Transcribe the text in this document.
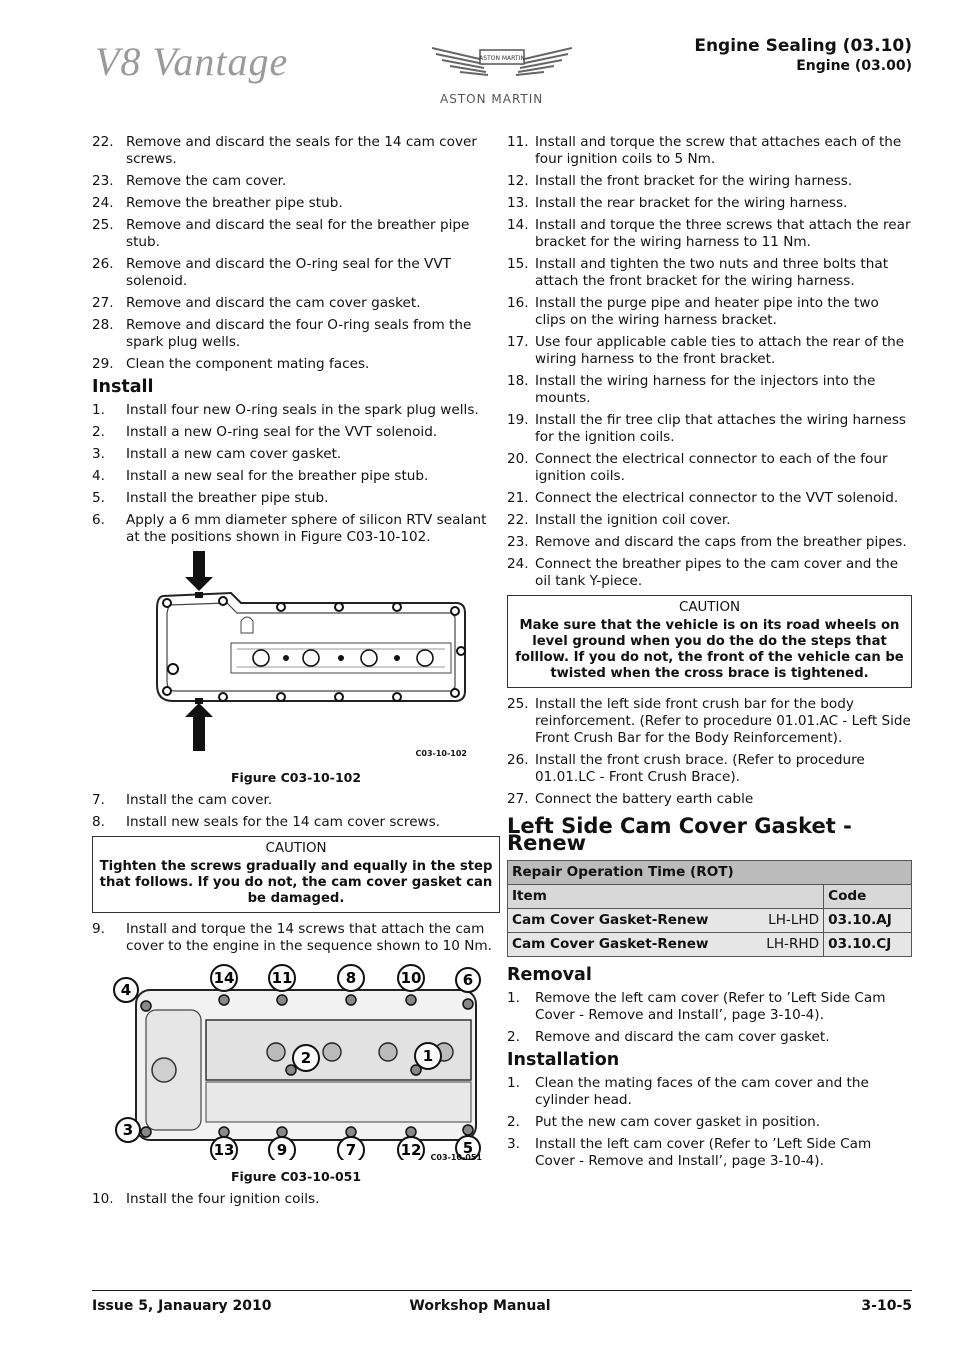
V8 Vantage	ASTON MARTIN
ASTON MARTIN
Engine Sealing (03.10)
Engine (03.00)
22. Remove and discard the seals for the 14 cam cover screws.
23. Remove the cam cover.
24. Remove the breather pipe stub.
25. Remove and discard the seal for the breather pipe stub.
26. Remove and discard the O-ring seal for the VVT solenoid.
27. Remove and discard the cam cover gasket.
28. Remove and discard the four O-ring seals from the spark plug wells.
29. Clean the component mating faces.
Install
1. Install four new O-ring seals in the spark plug wells.
2. Install a new O-ring seal for the VVT solenoid.
3. Install a new cam cover gasket.
4. Install a new seal for the breather pipe stub.
5. Install the breather pipe stub.
6. Apply a 6 mm diameter sphere of silicon RTV sealant at the positions shown in Figure C03-10-102.
C03-10-102
Figure C03-10-102
7. Install the cam cover.
8. Install new seals for the 14 cam cover screws.
CAUTION
Tighten the screws gradually and equally in the step that follows. If you do not, the cam cover gasket can be damaged.
9. Install and torque the 14 screws that attach the cam cover to the engine in the sequence shown to 10 Nm.
4
14 11	8	10	6
2	1
3
13	9	7	12	5
C03-10-051
Figure C03-10-051
10. Install the four ignition coils.
11. Install and torque the screw that attaches each of the four ignition coils to 5 Nm.
12. Install the front bracket for the wiring harness.
13. Install the rear bracket for the wiring harness.
14. Install and torque the three screws that attach the rear bracket for the wiring harness to 11 Nm.
15. Install and tighten the two nuts and three bolts that attach the front bracket for the wiring harness.
16. Install the purge pipe and heater pipe into the two clips on the wiring harness bracket.
17. Use four applicable cable ties to attach the rear of the wiring harness to the front bracket.
18. Install the wiring harness for the injectors into the mounts.
19. Install the fir tree clip that attaches the wiring harness for the ignition coils.
20. Connect the electrical connector to each of the four ignition coils.
21. Connect the electrical connector to the VVT solenoid.
22. Install the ignition coil cover.
23. Remove and discard the caps from the breather pipes.
24. Connect the breather pipes to the cam cover and the oil tank Y-piece.
CAUTION
Make sure that the vehicle is on its road wheels on level ground when you do the do the steps that folllow. If you do not, the front of the vehicle can be twisted when the cross brace is tightened.
25. Install the left side front crush bar for the body reinforcement. (Refer to procedure 01.01.AC - Left Side Front Crush Bar for the Body Reinforcement).
26. Install the front crush brace. (Refer to procedure 01.01.LC - Front Crush Brace).
27. Connect the battery earth cable
Left Side Cam Cover Gasket - Renew
Repair Operation Time (ROT)		
Item		Code
Cam Cover Gasket-Renew	LH-LHD	03.10.AJ
Cam Cover Gasket-Renew	LH-RHD	03.10.CJ
Removal
1. Remove the left cam cover (Refer to ’Left Side Cam Cover - Remove and Install’, page 3-10-4).
2. Remove and discard the cam cover gasket.
Installation
1. Clean the mating faces of the cam cover and the cylinder head.
2. Put the new cam cover gasket in position.
3. Install the left cam cover (Refer to ’Left Side Cam Cover - Remove and Install’, page 3-10-4).
Issue 5, Janauary 2010	Workshop Manual	3-10-5
